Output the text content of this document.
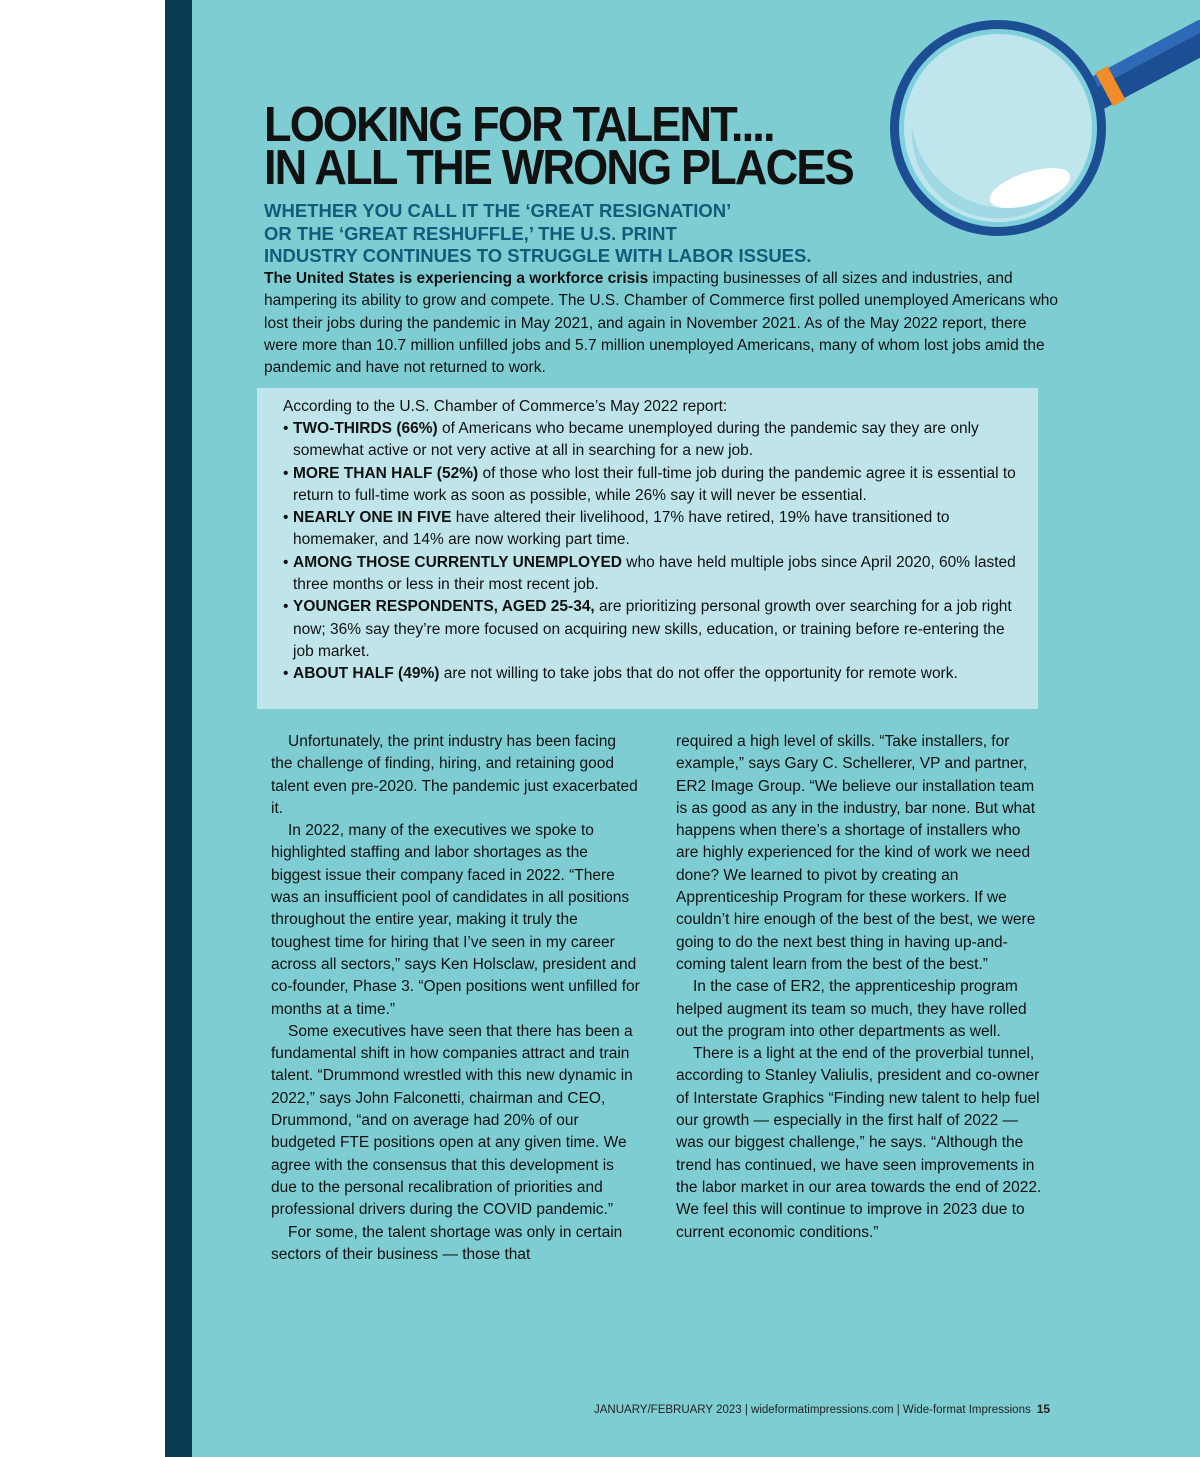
LOOKING FOR TALENT....
IN ALL THE WRONG PLACES
WHETHER YOU CALL IT THE ‘GREAT RESIGNATION’
OR THE ‘GREAT RESHUFFLE,’ THE U.S. PRINT
INDUSTRY CONTINUES TO STRUGGLE WITH LABOR ISSUES.
The United States is experiencing a workforce crisis impacting businesses of all sizes and industries, and hampering its ability to grow and compete. The U.S. Chamber of Commerce first polled unemployed Americans who lost their jobs during the pandemic in May 2021, and again in November 2021. As of the May 2022 report, there were more than 10.7 million unfilled jobs and 5.7 million unemployed Americans, many of whom lost jobs amid the pandemic and have not returned to work.
According to the U.S. Chamber of Commerce’s May 2022 report:
• TWO-THIRDS (66%) of Americans who became unemployed during the pandemic say they are only somewhat active or not very active at all in searching for a new job.
• MORE THAN HALF (52%) of those who lost their full-time job during the pandemic agree it is essential to return to full-time work as soon as possible, while 26% say it will never be essential.
• NEARLY ONE IN FIVE have altered their livelihood, 17% have retired, 19% have transitioned to homemaker, and 14% are now working part time.
• AMONG THOSE CURRENTLY UNEMPLOYED who have held multiple jobs since April 2020, 60% lasted three months or less in their most recent job.
• YOUNGER RESPONDENTS, AGED 25-34, are prioritizing personal growth over searching for a job right now; 36% say they’re more focused on acquiring new skills, education, or training before re-entering the job market.
• ABOUT HALF (49%) are not willing to take jobs that do not offer the opportunity for remote work.

Unfortunately, the print industry has been facing the challenge of finding, hiring, and retaining good talent even pre-2020. The pandemic just exacerbated it.

In 2022, many of the executives we spoke to highlighted staffing and labor shortages as the biggest issue their company faced in 2022. “There was an insufficient pool of candidates in all positions throughout the entire year, making it truly the toughest time for hiring that I’ve seen in my career across all sectors,” says Ken Holsclaw, president and co-founder, Phase 3. “Open positions went unfilled for months at a time.”

Some executives have seen that there has been a fundamental shift in how companies attract and train talent. “Drummond wrestled with this new dynamic in 2022,” says John Falconetti, chairman and CEO, Drummond, “and on average had 20% of our budgeted FTE positions open at any given time. We agree with the consensus that this development is due to the personal recalibration of priorities and professional drivers during the COVID pandemic.”

For some, the talent shortage was only in certain sectors of their business — those that

required a high level of skills. “Take installers, for example,” says Gary C. Schellerer, VP and partner, ER2 Image Group. “We believe our installation team is as good as any in the industry, bar none. But what happens when there’s a shortage of installers who are highly experienced for the kind of work we need done? We learned to pivot by creating an Apprenticeship Program for these workers. If we couldn’t hire enough of the best of the best, we were going to do the next best thing in having up-and-coming talent learn from the best of the best.”

In the case of ER2, the apprenticeship program helped augment its team so much, they have rolled out the program into other departments as well.

There is a light at the end of the proverbial tunnel, according to Stanley Valiulis, president and co-owner of Interstate Graphics “Finding new talent to help fuel our growth — especially in the first half of 2022 — was our biggest challenge,” he says. “Although the trend has continued, we have seen improvements in the labor market in our area towards the end of 2022. We feel this will continue to improve in 2023 due to current economic conditions.”

JANUARY/FEBRUARY 2023 | wideformatimpressions.com | Wide-format Impressions 15
